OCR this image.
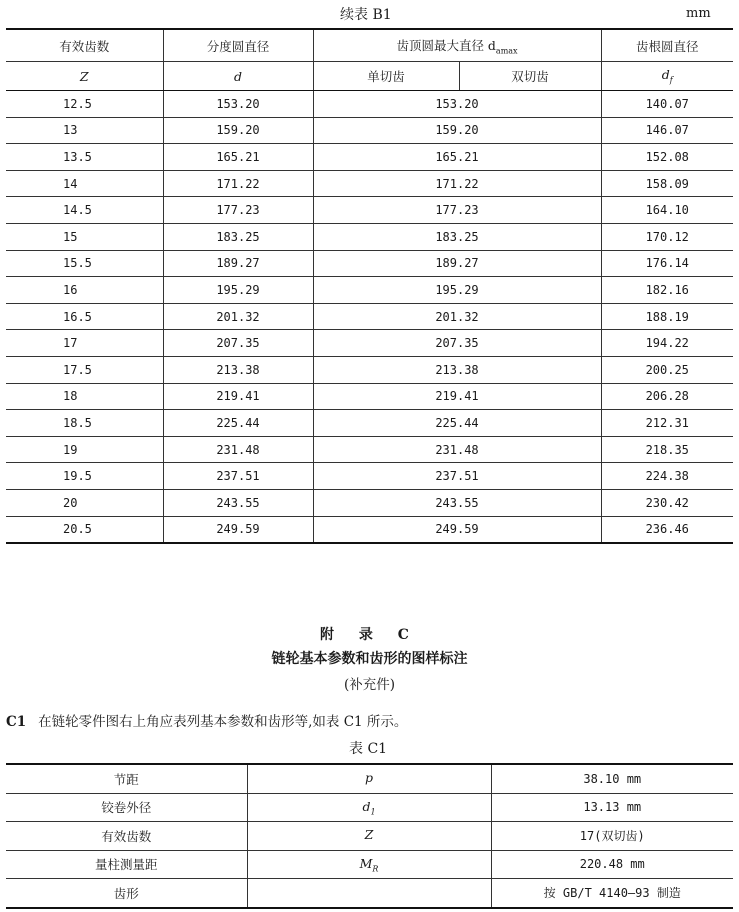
续表 B1	mm
有效齿数	分度圆直径	齿顶圆最大直径 $d_{amax}$		齿根圆直径
Z	d	单切齿	双切齿	$d_f$
12.5	153.20	153.20		140.07
13	159.20	159.20		146.07
13.5	165.21	165.21		152.08
14	171.22	171.22		158.09
14.5	177.23	177.23		164.10
15	183.25	183.25		170.12
15.5	189.27	189.27		176.14
16	195.29	195.29		182.16
16.5	201.32	201.32		188.19
17	207.35	207.35		194.22
17.5	213.38	213.38		200.25
18	219.41	219.41		206.28
18.5	225.44	225.44		212.31
19	231.48	231.48		218.35
19.5	237.51	237.51		224.38
20	243.55	243.55		230.42
20.5	249.59	249.59		236.46
附 录 C
链轮基本参数和齿形的图样标注
(补充件)
C1 在链轮零件图右上角应表列基本参数和齿形等,如表 C1 所示。
表 C1
节距	p	38.10 mm
铰卷外径	$d_1$	13.13 mm
有效齿数	Z	17(双切齿)
量柱测量距	$M_R$	220.48 mm
齿形		按 GB/T 4140—93 制造
